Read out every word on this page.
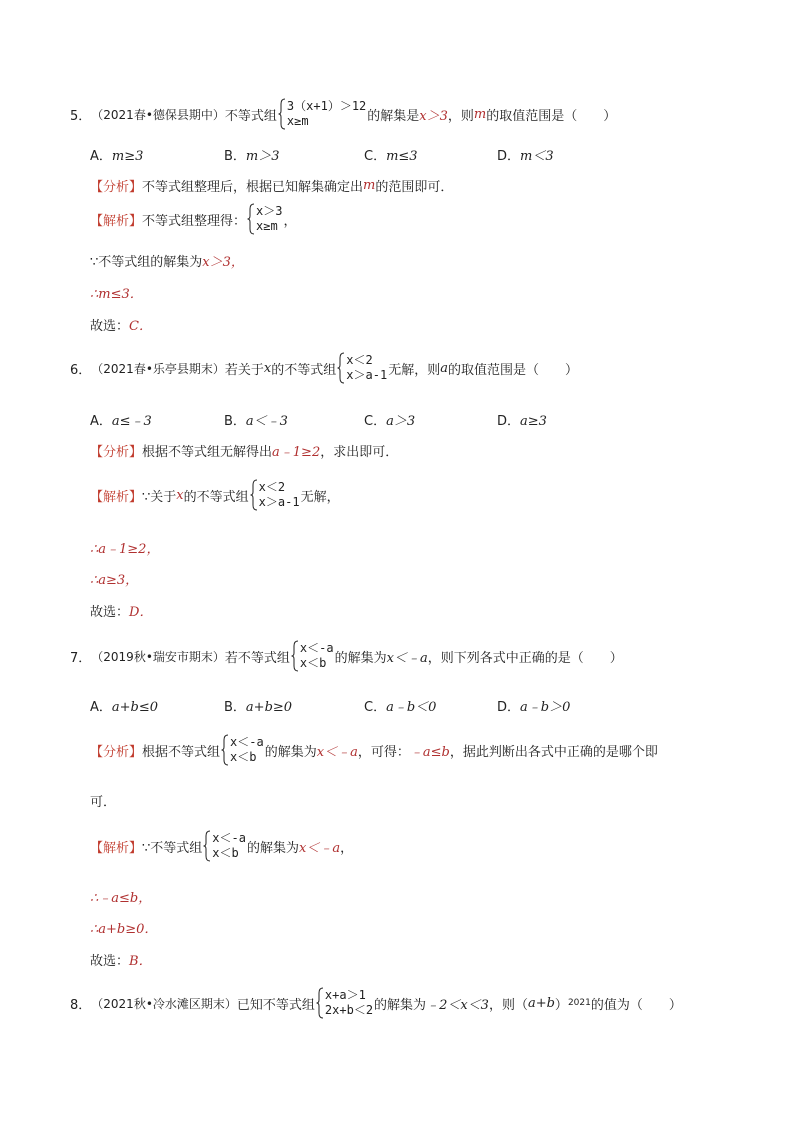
5． （2021春•德保县期中） 不等式组
3（x+1）＞12
x≥m	的解集是 x＞3 ，则 m 的取值范围是（　　）
A．m≥3	B．m＞3	C．m≤3	D．m＜3
【分析】 不等式组整理后，根据已知解集确定出 m 的范围即可．
【解析】 不等式组整理得：
x＞3
x≥m ，
∵不等式组的解集为 x＞3，
∴m≤3．
故选： C．
6． （2021春•乐亭县期末） 若关于 x 的不等式组
x＜2
x＞a-1 无解，则 a 的取值范围是（　　）
A．a≤﹣3	B．a＜﹣3	C．a＞3	D．a≥3
【分析】 根据不等式组无解得出 a﹣1≥2 ，求出即可．
【解析】 ∵关于 x 的不等式组
x＜2
x＞a-1 无解，
∴a﹣1≥2，
∴a≥3，
故选： D．
7． （2019秋•瑞安市期末） 若不等式组
x＜-a
x＜b 的解集为 x＜﹣a ，则下列各式中正确的是（　　）
A．a+b≤0	B．a+b≥0	C．a﹣b＜0	D．a﹣b＞0
【分析】 根据不等式组
x＜-a
x＜b 的解集为 x＜﹣a ，可得： ﹣a≤b ，据此判断出各式中正确的是哪个即
可．
【解析】 ∵不等式组
x＜-a
x＜b 的解集为 x＜﹣a ，
∴﹣a≤b，
∴a+b≥0．
故选： B．
8． （2021秋•冷水滩区期末） 已知不等式组
x+a＞1
2x+b＜2 的解集为 ﹣2＜x＜3 ，则（ a+b ） 2021 的值为（　　）
